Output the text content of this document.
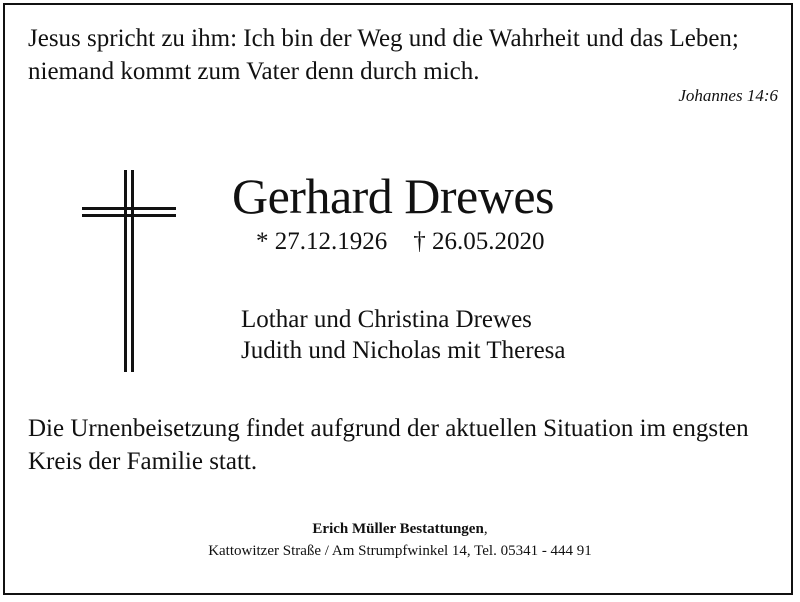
Jesus spricht zu ihm: Ich bin der Weg und die Wahrheit und das Leben;
niemand kommt zum Vater denn durch mich.
Johannes 14:6
Gerhard Drewes
* 27.12.1926 † 26.05.2020
Lothar und Christina Drewes
Judith und Nicholas mit Theresa
Die Urnenbeisetzung findet aufgrund der aktuellen Situation im engsten
Kreis der Familie statt.
Erich Müller Bestattungen,
Kattowitzer Straße / Am Strumpfwinkel 14, Tel. 05341 - 444 91
